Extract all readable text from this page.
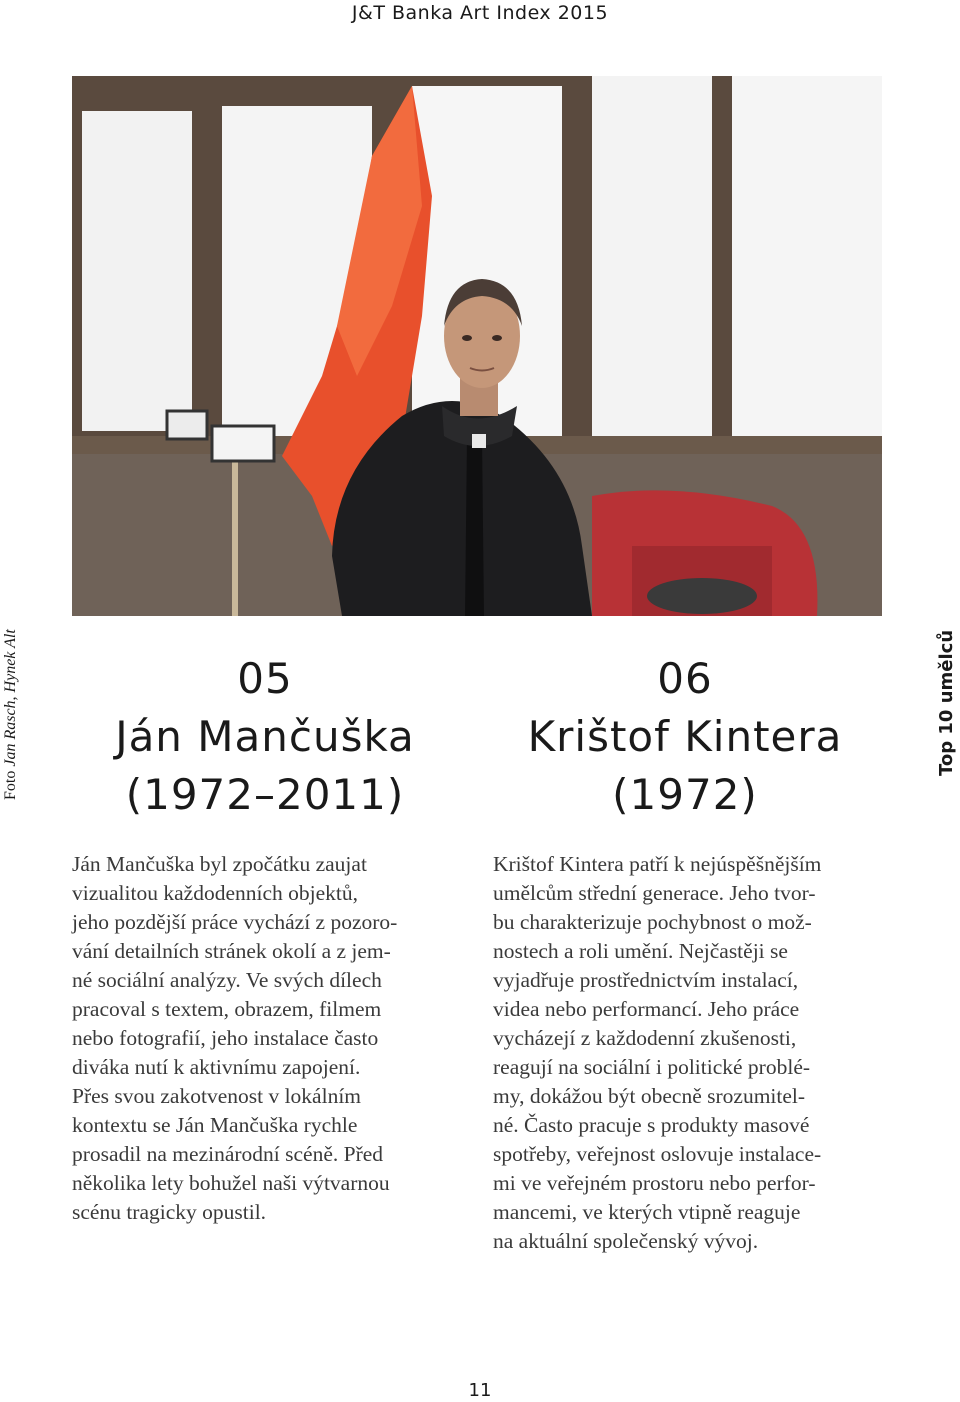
J&T Banka Art Index 2015
Foto Jan Rasch, Hynek Alt	Top 10 umělců
05
Ján Mančuška
(1972–2011)
06
Krištof Kintera
(1972)
Ján Mančuška byl zpočátku zaujat
vizualitou každodenních objektů,
jeho pozdější práce vychází z pozoro-
vání detailních stránek okolí a z jem-
né sociální analýzy. Ve svých dílech
pracoval s textem, obrazem, filmem
nebo fotografií, jeho instalace často
diváka nutí k aktivnímu zapojení.
Přes svou zakotvenost v lokálním
kontextu se Ján Mančuška rychle
prosadil na mezinárodní scéně. Před
několika lety bohužel naši výtvarnou
scénu tragicky opustil.
Krištof Kintera patří k nejúspěšnějším
umělcům střední generace. Jeho tvor-
bu charakterizuje pochybnost o mož-
nostech a roli umění. Nejčastěji se
vyjadřuje prostřednictvím instalací,
videa nebo performancí. Jeho práce
vycházejí z každodenní zkušenosti,
reagují na sociální i politické problé-
my, dokážou být obecně srozumitel-
né. Často pracuje s produkty masové
spotřeby, veřejnost oslovuje instalace-
mi ve veřejném prostoru nebo perfor-
mancemi, ve kterých vtipně reaguje
na aktuální společenský vývoj.
11
